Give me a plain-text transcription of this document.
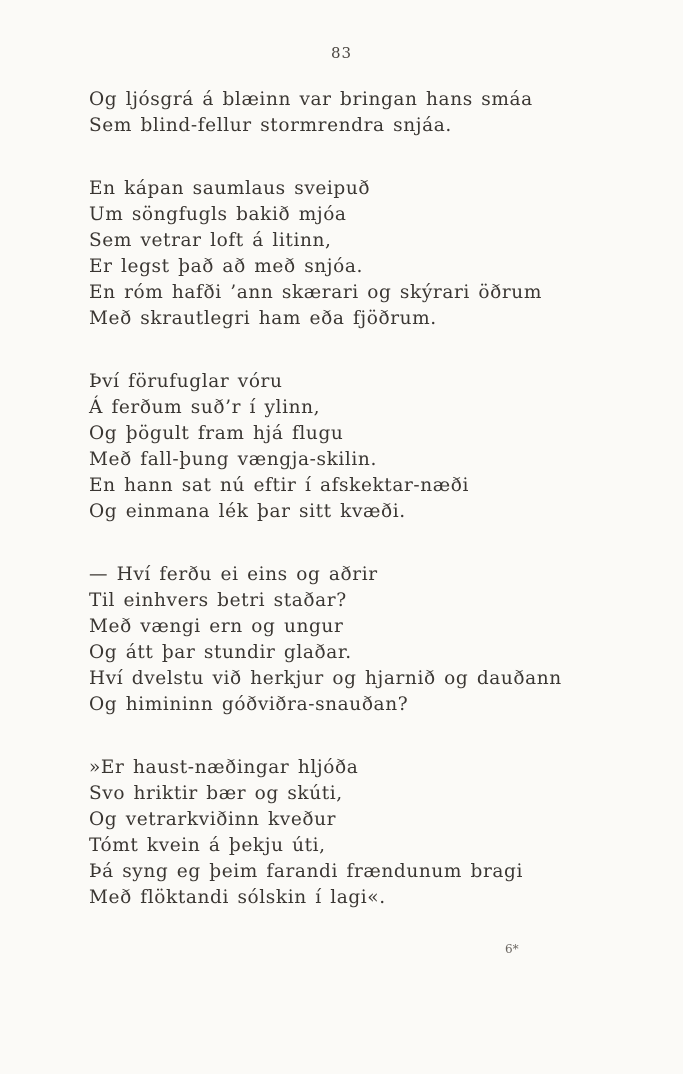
83
Og ljósgrá á blæinn var bringan hans smáa
Sem blind-fellur stormrendra snjáa.
En kápan saumlaus sveipuð
Um söngfugls bakið mjóa
Sem vetrar loft á litinn,
Er legst það að með snjóa.
En róm hafði ’ann skærari og skýrari öðrum
Með skrautlegri ham eða fjöðrum.
Því förufuglar vóru
Á ferðum suð’r í ylinn,
Og þögult fram hjá flugu
Með fall-þung vængja-skilin.
En hann sat nú eftir í afskektar-næði
Og einmana lék þar sitt kvæði.
— Hví ferðu ei eins og aðrir
Til einhvers betri staðar?
Með vængi ern og ungur
Og átt þar stundir glaðar.
Hví dvelstu við herkjur og hjarnið og dauðann
Og himininn góðviðra-snauðan?
»Er haust-næðingar hljóða
Svo hriktir bær og skúti,
Og vetrarkviðinn kveður
Tómt kvein á þekju úti,
Þá syng eg þeim farandi frændunum bragi
Með flöktandi sólskin í lagi«.
6*
